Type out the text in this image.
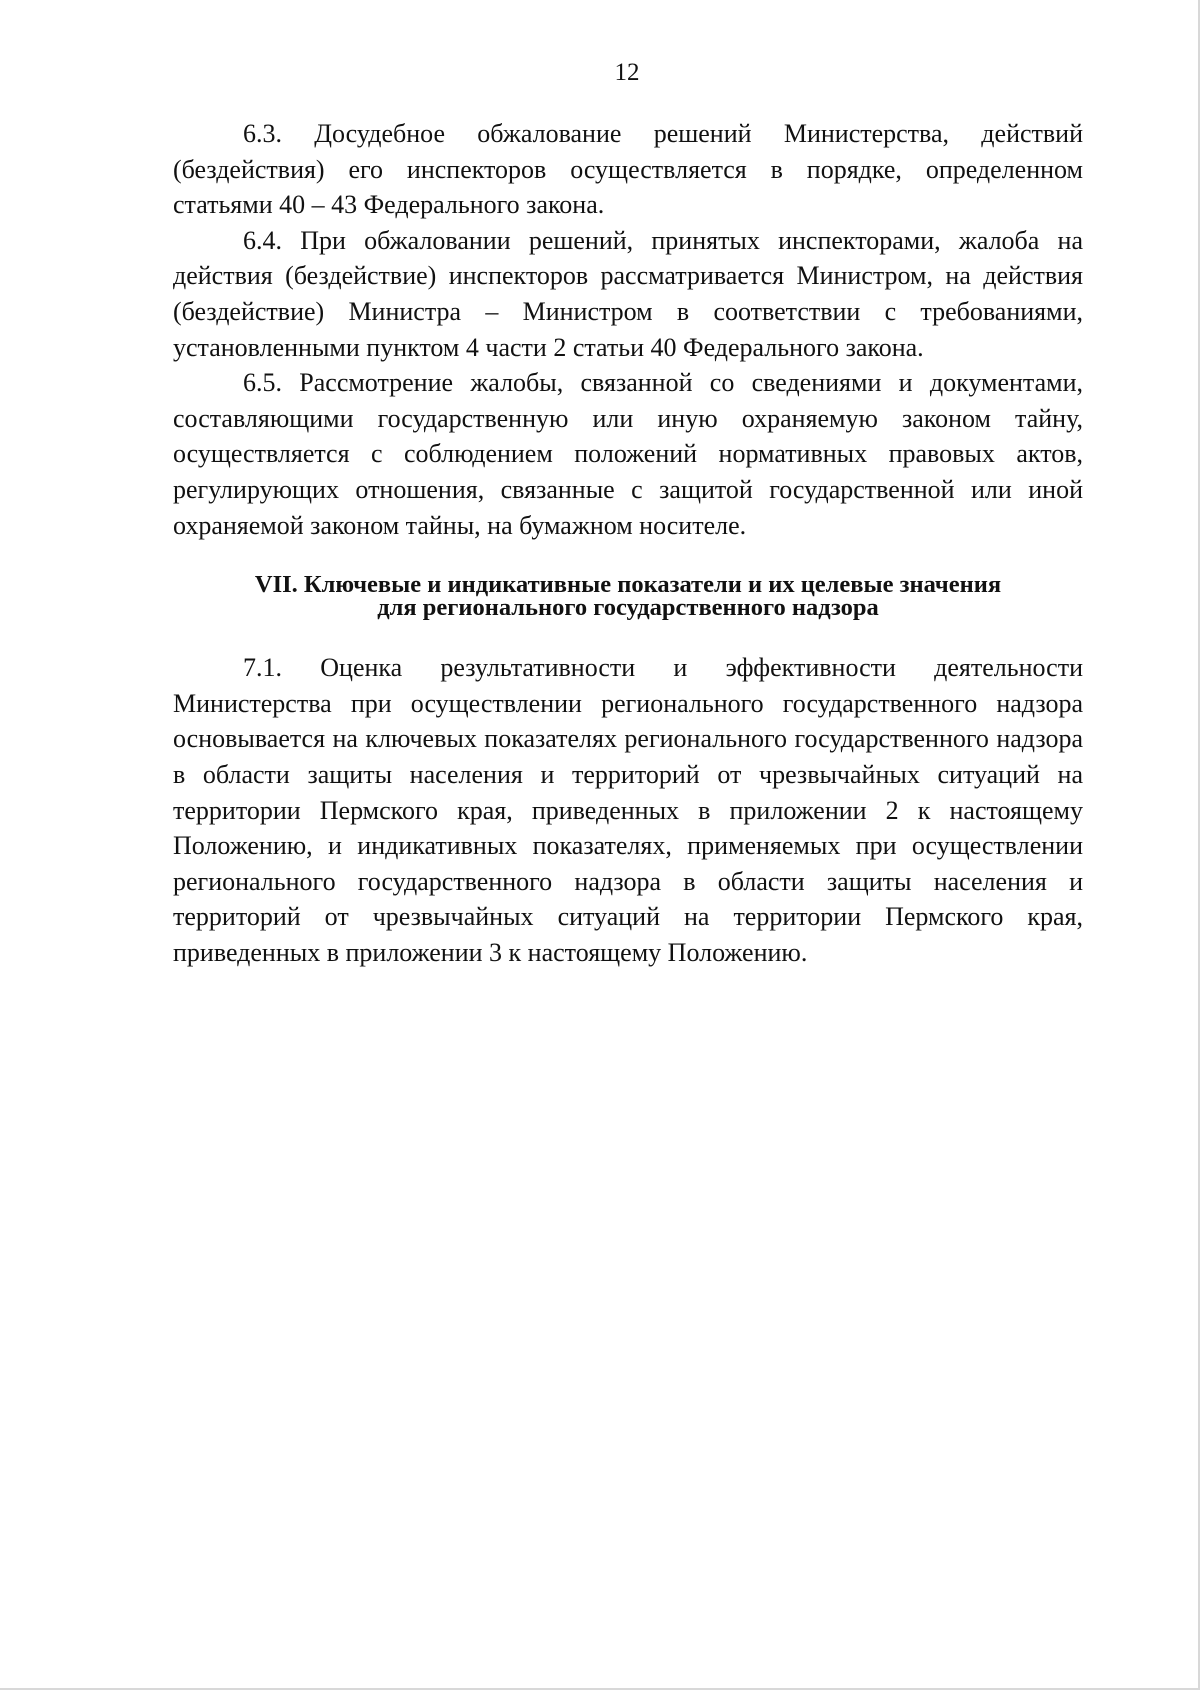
12

6.3. Досудебное обжалование решений Министерства, действий (бездействия) его инспекторов осуществляется в порядке, определенном статьями 40 – 43 Федерального закона.

6.4. При обжаловании решений, принятых инспекторами, жалоба на действия (бездействие) инспекторов рассматривается Министром, на действия (бездействие) Министра – Министром в соответствии с требованиями, установленными пунктом 4 части 2 статьи 40 Федерального закона.

6.5. Рассмотрение жалобы, связанной со сведениями и документами, составляющими государственную или иную охраняемую законом тайну, осуществляется с соблюдением положений нормативных правовых актов, регулирующих отношения, связанные с защитой государственной или иной охраняемой законом тайны, на бумажном носителе.

VII. Ключевые и индикативные показатели и их целевые значения
для регионального государственного надзора

7.1. Оценка результативности и эффективности деятельности Министерства при осуществлении регионального государственного надзора основывается на ключевых показателях регионального государственного надзора в области защиты населения и территорий от чрезвычайных ситуаций на территории Пермского края, приведенных в приложении 2 к настоящему Положению, и индикативных показателях, применяемых при осуществлении регионального государственного надзора в области защиты населения и территорий от чрезвычайных ситуаций на территории Пермского края, приведенных в приложении 3 к настоящему Положению.
